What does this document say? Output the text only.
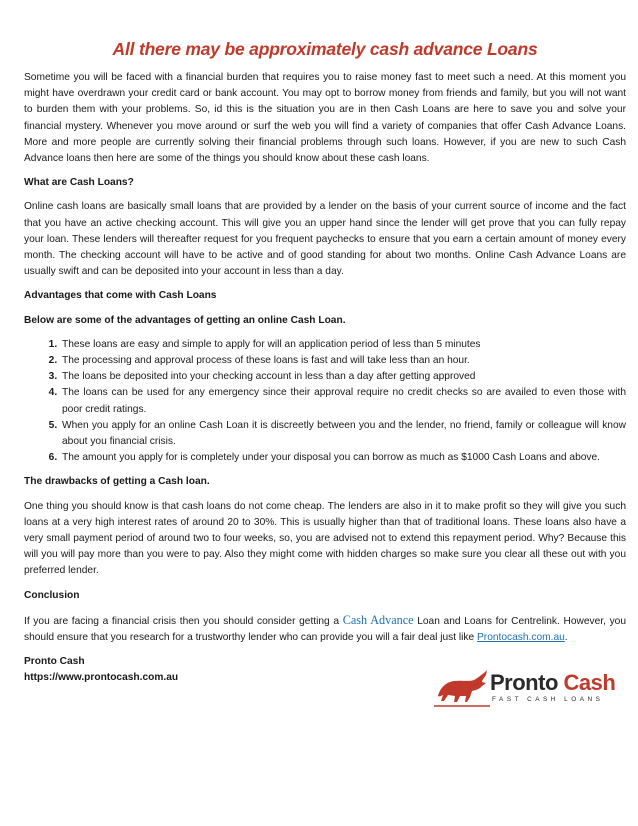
All there may be approximately cash advance Loans

Sometime you will be faced with a financial burden that requires you to raise money fast to meet such a need. At this moment you might have overdrawn your credit card or bank account. You may opt to borrow money from friends and family, but you will not want to burden them with your problems. So, id this is the situation you are in then Cash Loans are here to save you and solve your financial mystery. Whenever you move around or surf the web you will find a variety of companies that offer Cash Advance Loans. More and more people are currently solving their financial problems through such loans. However, if you are new to such Cash Advance loans then here are some of the things you should know about these cash loans.

What are Cash Loans?

Online cash loans are basically small loans that are provided by a lender on the basis of your current source of income and the fact that you have an active checking account. This will give you an upper hand since the lender will get prove that you can fully repay your loan. These lenders will thereafter request for you frequent paychecks to ensure that you earn a certain amount of money every month. The checking account will have to be active and of good standing for about two months. Online Cash Advance Loans are usually swift and can be deposited into your account in less than a day.

Advantages that come with Cash Loans

Below are some of the advantages of getting an online Cash Loan.

1. These loans are easy and simple to apply for will an application period of less than 5 minutes
2. The processing and approval process of these loans is fast and will take less than an hour.
3. The loans be deposited into your checking account in less than a day after getting approved
4. The loans can be used for any emergency since their approval require no credit checks so are availed to even those with poor credit ratings.
5. When you apply for an online Cash Loan it is discreetly between you and the lender, no friend, family or colleague will know about you financial crisis.
6. The amount you apply for is completely under your disposal you can borrow as much as $1000 Cash Loans and above.

The drawbacks of getting a Cash loan.

One thing you should know is that cash loans do not come cheap. The lenders are also in it to make profit so they will give you such loans at a very high interest rates of around 20 to 30%. This is usually higher than that of traditional loans. These loans also have a very small payment period of around two to four weeks, so, you are advised not to extend this repayment period. Why? Because this will you will pay more than you were to pay. Also they might come with hidden charges so make sure you clear all these out with you preferred lender.

Conclusion

If you are facing a financial crisis then you should consider getting a Cash Advance Loan and Loans for Centrelink. However, you should ensure that you research for a trustworthy lender who can provide you will a fair deal just like Prontocash.com.au.

Pronto Cash
https://www.prontocash.com.au	Pronto Cash
FAST CASH LOANS
